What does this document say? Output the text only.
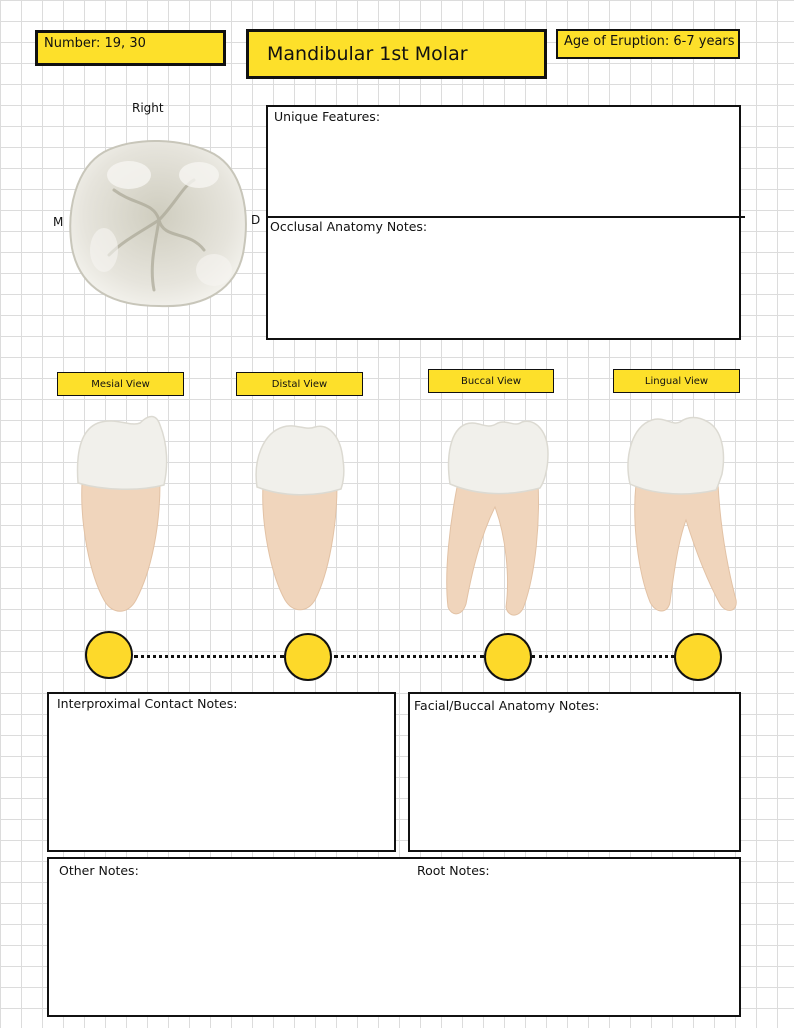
Number: 19, 30	Mandibular 1st Molar
Age of Eruption: 6-7 years
Right
M	D
Unique Features:
Occlusal Anatomy Notes:
Mesial View	Distal View	Buccal View	Lingual View
Interproximal Contact Notes:	Facial/Buccal Anatomy Notes:
Other Notes:	Root Notes:
